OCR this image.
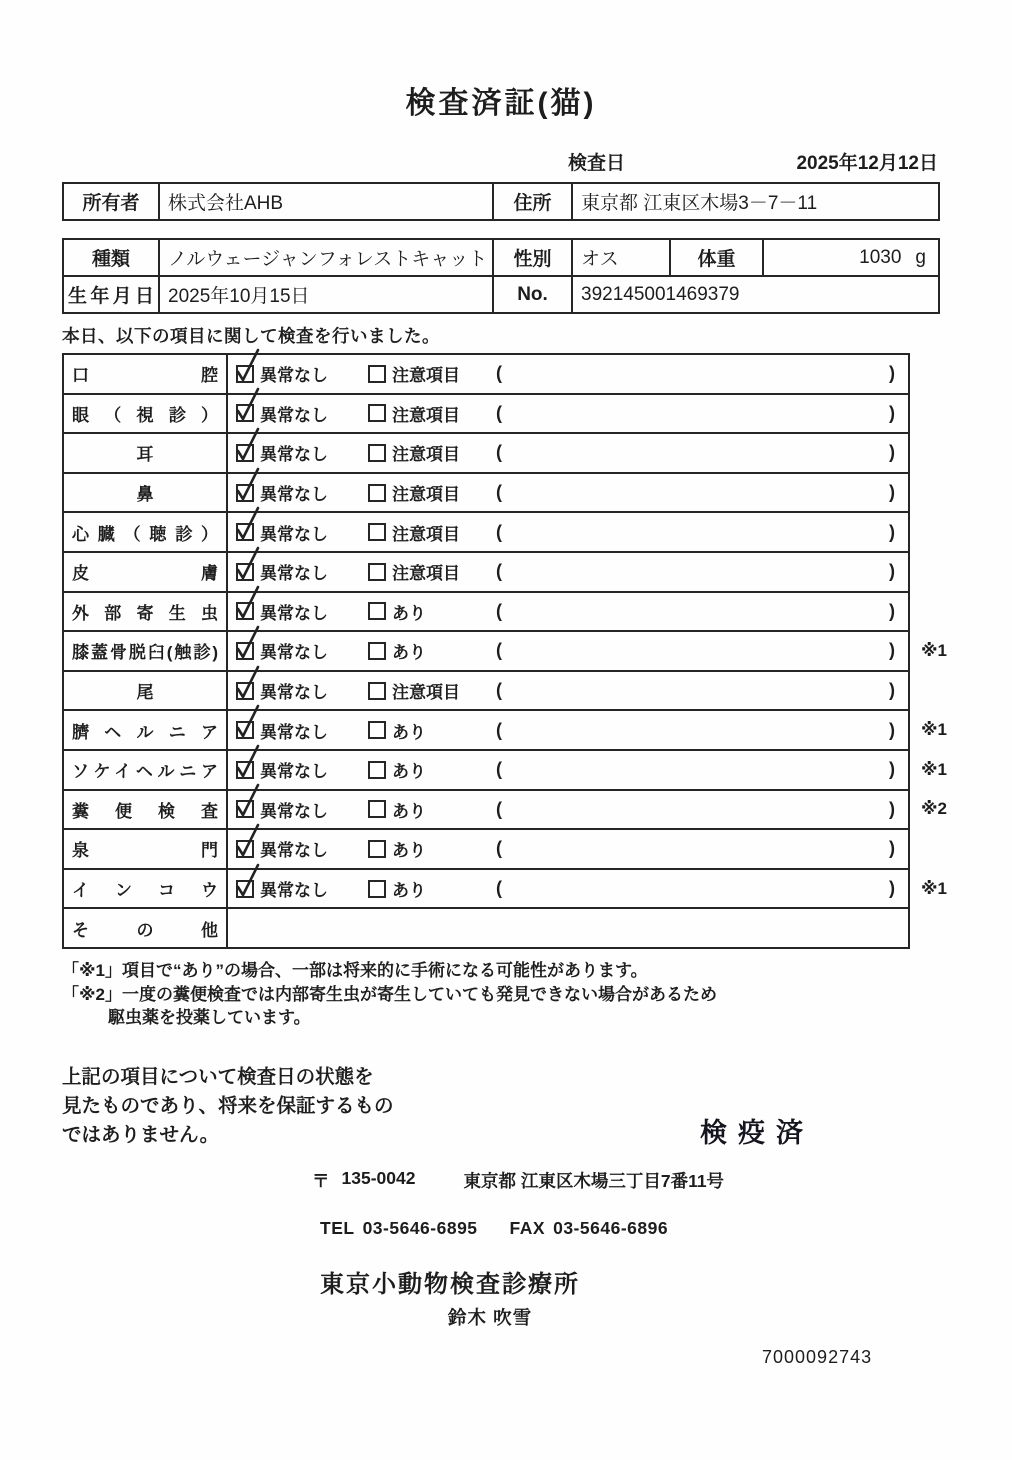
検査済証(猫)
検査日	2025年12月12日
所有者	株式会社AHB	住所	東京都 江東区木場3－7－11
種類	ノルウェージャンフォレストキャット	性別	オス	体重	1030 g
生年月日 2025年10月15日	No.	392145001469379
本日、以下の項目に関して検査を行いました。
口腔 異常なし	注意項目 (	)
眼（視診） 異常なし	注意項目 (	)
耳	異常なし	注意項目 (	)
鼻	異常なし	注意項目 (	)
心臓（聴診） 異常なし	注意項目 (	)
皮膚 異常なし	注意項目 (	)
外部寄生虫 異常なし	あり	(	)
膝蓋骨脱臼(触診) 異常なし	あり	(	) ※1
尾	異常なし	注意項目 (	)
臍ヘルニア 異常なし	あり	(	) ※1
ソケイヘルニア 異常なし	あり	(	) ※1
糞便検査 異常なし	あり	(	) ※2
泉門 異常なし	あり	(	)
インコウ 異常なし	あり	(	) ※1
その他
「※1」項目で“あり”の場合、一部は将来的に手術になる可能性があります。
「※2」一度の糞便検査では内部寄生虫が寄生していても発見できない場合があるため
駆虫薬を投薬しています。
上記の項目について検査日の状態を
見たものであり、将来を保証するもの
ではありません。	検疫済
〒 135-0042	東京都 江東区木場三丁目7番11号
TEL 03-5646-6895 FAX 03-5646-6896
東京小動物検査診療所
鈴木 吹雪
7000092743
